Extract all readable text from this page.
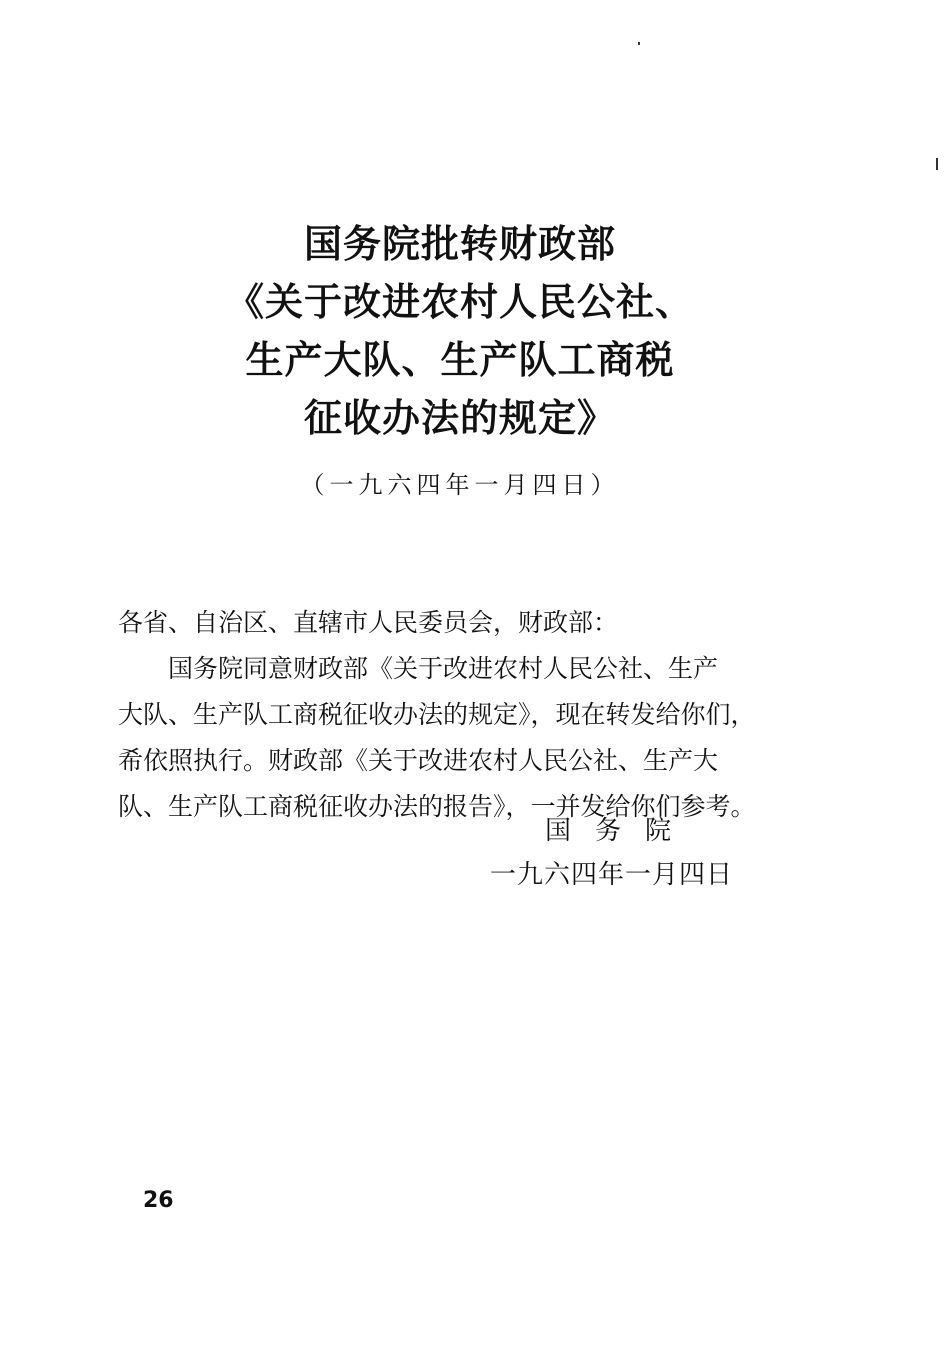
国务院批转财政部
《关于改进农村人民公社、
生产大队、生产队工商税
征收办法的规定》
（一九六四年一月四日）
各省、自治区、直辖市人民委员会，财政部：
国务院同意财政部《关于改进农村人民公社、生产
大队、生产队工商税征收办法的规定》，现在转发给你们，
希依照执行。财政部《关于改进农村人民公社、生产大
队、生产队工商税征收办法的报告》，一并发给你们参考。
国务院
一九六四年一月四日
26
